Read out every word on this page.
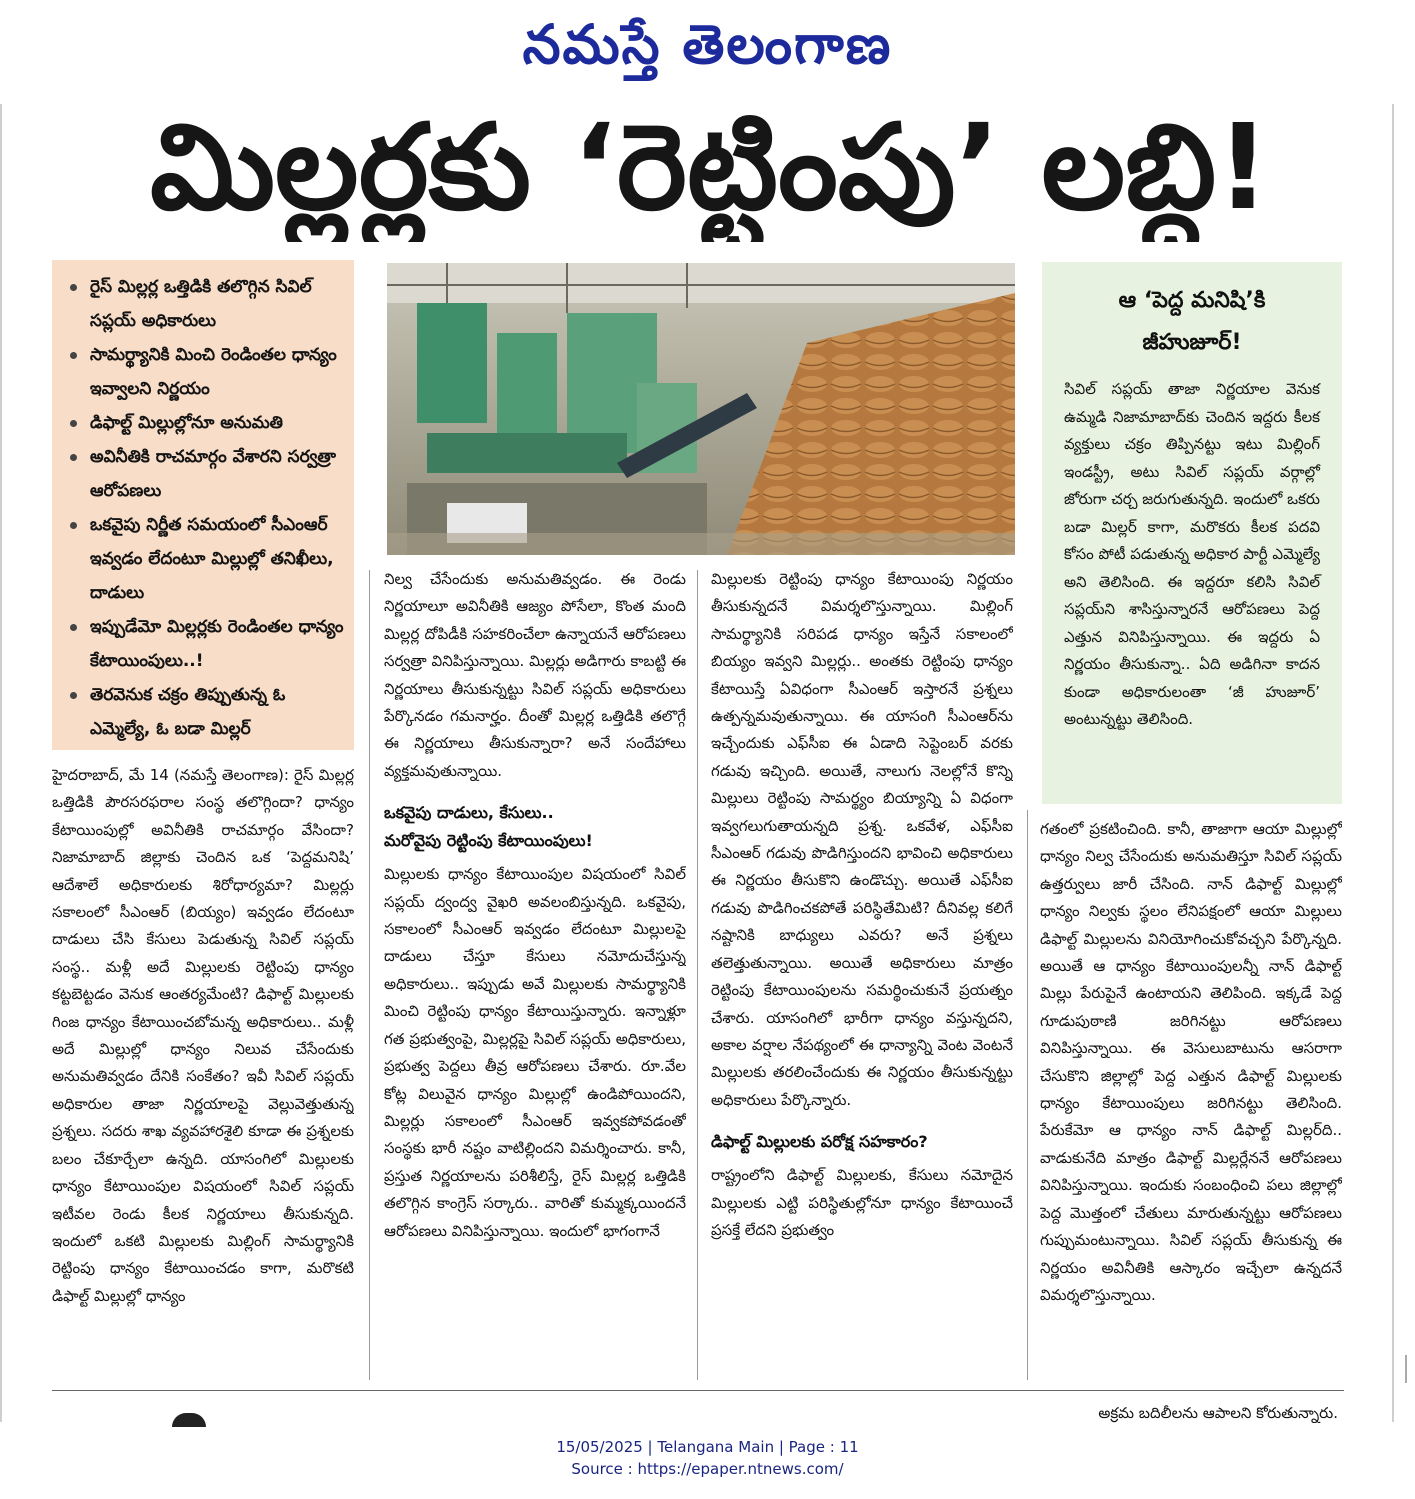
నమస్తే తెలంగాణ
మిల్లర్లకు ‘రెట్టింపు’ లబ్ధి!
రైస్ మిల్లర్ల ఒత్తిడికి తలొగ్గిన సివిల్ సప్లయ్ అధికారులు
సామర్థ్యానికి మించి రెండింతల ధాన్యం ఇవ్వాలని నిర్ణయం
డిఫాల్ట్ మిల్లుల్లోనూ అనుమతి
అవినీతికి రాచమార్గం వేశారని సర్వత్రా ఆరోపణలు
ఒకవైపు నిర్ణీత సమయంలో సీఎంఆర్ ఇవ్వడం లేదంటూ మిల్లుల్లో తనిఖీలు, దాడులు
ఇప్పుడేమో మిల్లర్లకు రెండింతల ధాన్యం కేటాయింపులు..!
తెరవెనుక చక్రం తిప్పుతున్న ఓ ఎమ్మెల్యే, ఓ బడా మిల్లర్
ఆ ‘పెద్ద మనిషి’కి
జీహుజూర్!

సివిల్ సప్లయ్ తాజా నిర్ణయాల వెనుక ఉమ్మడి నిజామాబాద్‌కు చెందిన ఇద్దరు కీలక వ్యక్తులు చక్రం తిప్పినట్టు ఇటు మిల్లింగ్ ఇండస్ట్రీ, అటు సివిల్ సప్లయ్ వర్గాల్లో జోరుగా చర్చ జరుగుతున్నది. ఇందులో ఒకరు బడా మిల్లర్ కాగా, మరొకరు కీలక పదవి కోసం పోటీ పడుతున్న అధికార పార్టీ ఎమ్మెల్యే అని తెలిసింది. ఈ ఇద్దరూ కలిసి సివిల్ సప్లయ్‌ని శాసిస్తున్నారనే ఆరోపణలు పెద్ద ఎత్తున వినిపిస్తున్నాయి. ఈ ఇద్దరు ఏ నిర్ణయం తీసుకున్నా.. ఏది అడిగినా కాదన కుండా అధికారులంతా ‘జీ హుజూర్’ అంటున్నట్టు తెలిసింది.

హైదరాబాద్, మే 14 (నమస్తే తెలంగాణ): రైస్ మిల్లర్ల ఒత్తిడికి పౌరసరఫరాల సంస్థ తలొగ్గిందా? ధాన్యం కేటాయింపుల్లో అవినీతికి రాచమార్గం వేసిందా? నిజామాబాద్ జిల్లాకు చెందిన ఒక ‘పెద్దమనిషి’ ఆదేశాలే అధికారులకు శిరోధార్యమా? మిల్లర్లు సకాలంలో సీఎంఆర్ (బియ్యం) ఇవ్వడం లేదంటూ దాడులు చేసి కేసులు పెడుతున్న సివిల్ సప్లయ్ సంస్థ.. మళ్లీ అదే మిల్లులకు రెట్టింపు ధాన్యం కట్టబెట్టడం వెనుక ఆంతర్యమేంటి? డిఫాల్ట్ మిల్లులకు గింజ ధాన్యం కేటాయించబోమన్న అధికారులు.. మళ్లీ అదే మిల్లుల్లో ధాన్యం నిలువ చేసేందుకు అనుమతివ్వడం దేనికి సంకేతం? ఇవీ సివిల్ సప్లయ్ అధికారుల తాజా నిర్ణయాలపై వెల్లువెత్తుతున్న ప్రశ్నలు. సదరు శాఖ వ్యవహారశైలి కూడా ఈ ప్రశ్నలకు బలం చేకూర్చేలా ఉన్నది. యాసంగిలో మిల్లులకు ధాన్యం కేటాయింపుల విషయంలో సివిల్ సప్లయ్ ఇటీవల రెండు కీలక నిర్ణయాలు తీసుకున్నది. ఇందులో ఒకటి మిల్లులకు మిల్లింగ్ సామర్థ్యానికి రెట్టింపు ధాన్యం కేటాయించడం కాగా, మరొకటి డిఫాల్ట్ మిల్లుల్లో ధాన్యం

నిల్వ చేసేందుకు అనుమతివ్వడం. ఈ రెండు నిర్ణయాలూ అవినీతికి ఆజ్యం పోసేలా, కొంత మంది మిల్లర్ల దోపిడీకి సహకరించేలా ఉన్నాయనే ఆరోపణలు సర్వత్రా వినిపిస్తున్నాయి. మిల్లర్లు అడిగారు కాబట్టి ఈ నిర్ణయాలు తీసుకున్నట్టు సివిల్ సప్లయ్ అధికారులు పేర్కొనడం గమనార్హం. దీంతో మిల్లర్ల ఒత్తిడికి తలొగ్గే ఈ నిర్ణయాలు తీసుకున్నారా? అనే సందేహాలు వ్యక్తమవుతున్నాయి.

ఒకవైపు దాడులు, కేసులు..
మరోవైపు రెట్టింపు కేటాయింపులు!

మిల్లులకు ధాన్యం కేటాయింపుల విషయంలో సివిల్ సప్లయ్ ద్వంద్వ వైఖరి అవలంబిస్తున్నది. ఒకవైపు, సకాలంలో సీఎంఆర్ ఇవ్వడం లేదంటూ మిల్లులపై దాడులు చేస్తూ కేసులు నమోదుచేస్తున్న అధికారులు.. ఇప్పుడు అవే మిల్లులకు సామర్థ్యానికి మించి రెట్టింపు ధాన్యం కేటాయిస్తున్నారు. ఇన్నాళ్లూ గత ప్రభుత్వంపై, మిల్లర్లపై సివిల్ సప్లయ్ అధికారులు, ప్రభుత్వ పెద్దలు తీవ్ర ఆరోపణలు చేశారు. రూ.వేల కోట్ల విలువైన ధాన్యం మిల్లుల్లో ఉండిపోయిందని, మిల్లర్లు సకాలంలో సీఎంఆర్ ఇవ్వకపోవడంతో సంస్థకు భారీ నష్టం వాటిల్లిందని విమర్శించారు. కానీ, ప్రస్తుత నిర్ణయాలను పరిశీలిస్తే, రైస్ మిల్లర్ల ఒత్తిడికి తలొగ్గిన కాంగ్రెస్ సర్కారు.. వారితో కుమ్మక్కయిందనే ఆరోపణలు వినిపిస్తున్నాయి. ఇందులో భాగంగానే

మిల్లులకు రెట్టింపు ధాన్యం కేటాయింపు నిర్ణయం తీసుకున్నదనే విమర్శలొస్తున్నాయి. మిల్లింగ్ సామర్థ్యానికి సరిపడ ధాన్యం ఇస్తేనే సకాలంలో బియ్యం ఇవ్వని మిల్లర్లు.. అంతకు రెట్టింపు ధాన్యం కేటాయిస్తే ఏవిధంగా సీఎంఆర్ ఇస్తారనే ప్రశ్నలు ఉత్పన్నమవుతున్నాయి. ఈ యాసంగి సీఎంఆర్‌ను ఇచ్చేందుకు ఎఫ్‌సీఐ ఈ ఏడాది సెప్టెంబర్ వరకు గడువు ఇచ్చింది. అయితే, నాలుగు నెలల్లోనే కొన్ని మిల్లులు రెట్టింపు సామర్థ్యం బియ్యాన్ని ఏ విధంగా ఇవ్వగలుగుతాయన్నది ప్రశ్న. ఒకవేళ, ఎఫ్‌సీఐ సీఎంఆర్ గడువు పొడిగిస్తుందని భావించి అధికారులు ఈ నిర్ణయం తీసుకొని ఉండొచ్చు. అయితే ఎఫ్‌సీఐ గడువు పొడిగించకపోతే పరిస్థితేమిటి? దీనివల్ల కలిగే నష్టానికి బాధ్యులు ఎవరు? అనే ప్రశ్నలు తలెత్తుతున్నాయి. అయితే అధికారులు మాత్రం రెట్టింపు కేటాయింపులను సమర్థించుకునే ప్రయత్నం చేశారు. యాసంగిలో భారీగా ధాన్యం వస్తున్నదని, అకాల వర్షాల నేపథ్యంలో ఈ ధాన్యాన్ని వెంట వెంటనే మిల్లులకు తరలించేందుకు ఈ నిర్ణయం తీసుకున్నట్టు అధికారులు పేర్కొన్నారు.

డిఫాల్ట్ మిల్లులకు పరోక్ష సహకారం?

రాష్ట్రంలోని డిఫాల్ట్ మిల్లులకు, కేసులు నమోదైన మిల్లులకు ఎట్టి పరిస్థితుల్లోనూ ధాన్యం కేటాయించే ప్రసక్తే లేదని ప్రభుత్వం

గతంలో ప్రకటించింది. కానీ, తాజాగా ఆయా మిల్లుల్లో ధాన్యం నిల్వ చేసేందుకు అనుమతిస్తూ సివిల్ సప్లయ్ ఉత్తర్వులు జారీ చేసింది. నాన్ డిఫాల్ట్ మిల్లుల్లో ధాన్యం నిల్వకు స్థలం లేనిపక్షంలో ఆయా మిల్లులు డిఫాల్ట్ మిల్లులను వినియోగించుకోవచ్చని పేర్కొన్నది. అయితే ఆ ధాన్యం కేటాయింపులన్నీ నాన్ డిఫాల్ట్ మిల్లు పేరుపైనే ఉంటాయని తెలిపింది. ఇక్కడే పెద్ద గూడుపుఠాణి జరిగినట్టు ఆరోపణలు వినిపిస్తున్నాయి. ఈ వెసులుబాటును ఆసరాగా చేసుకొని జిల్లాల్లో పెద్ద ఎత్తున డిఫాల్ట్ మిల్లులకు ధాన్యం కేటాయింపులు జరిగినట్టు తెలిసింది. పేరుకేమో ఆ ధాన్యం నాన్ డిఫాల్ట్ మిల్లర్‌ది.. వాడుకునేది మాత్రం డిఫాల్ట్ మిల్లర్లేననే ఆరోపణలు వినిపిస్తున్నాయి. ఇందుకు సంబంధించి పలు జిల్లాల్లో పెద్ద మొత్తంలో చేతులు మారుతున్నట్టు ఆరోపణలు గుప్పుమంటున్నాయి. సివిల్ సప్లయ్ తీసుకున్న ఈ నిర్ణయం అవినీతికి ఆస్కారం ఇచ్చేలా ఉన్నదనే విమర్శలొస్తున్నాయి.

అక్రమ బదిలీలను ఆపాలని కోరుతున్నారు.
15/05/2025 | Telangana Main | Page : 11
Source : https://epaper.ntnews.com/
